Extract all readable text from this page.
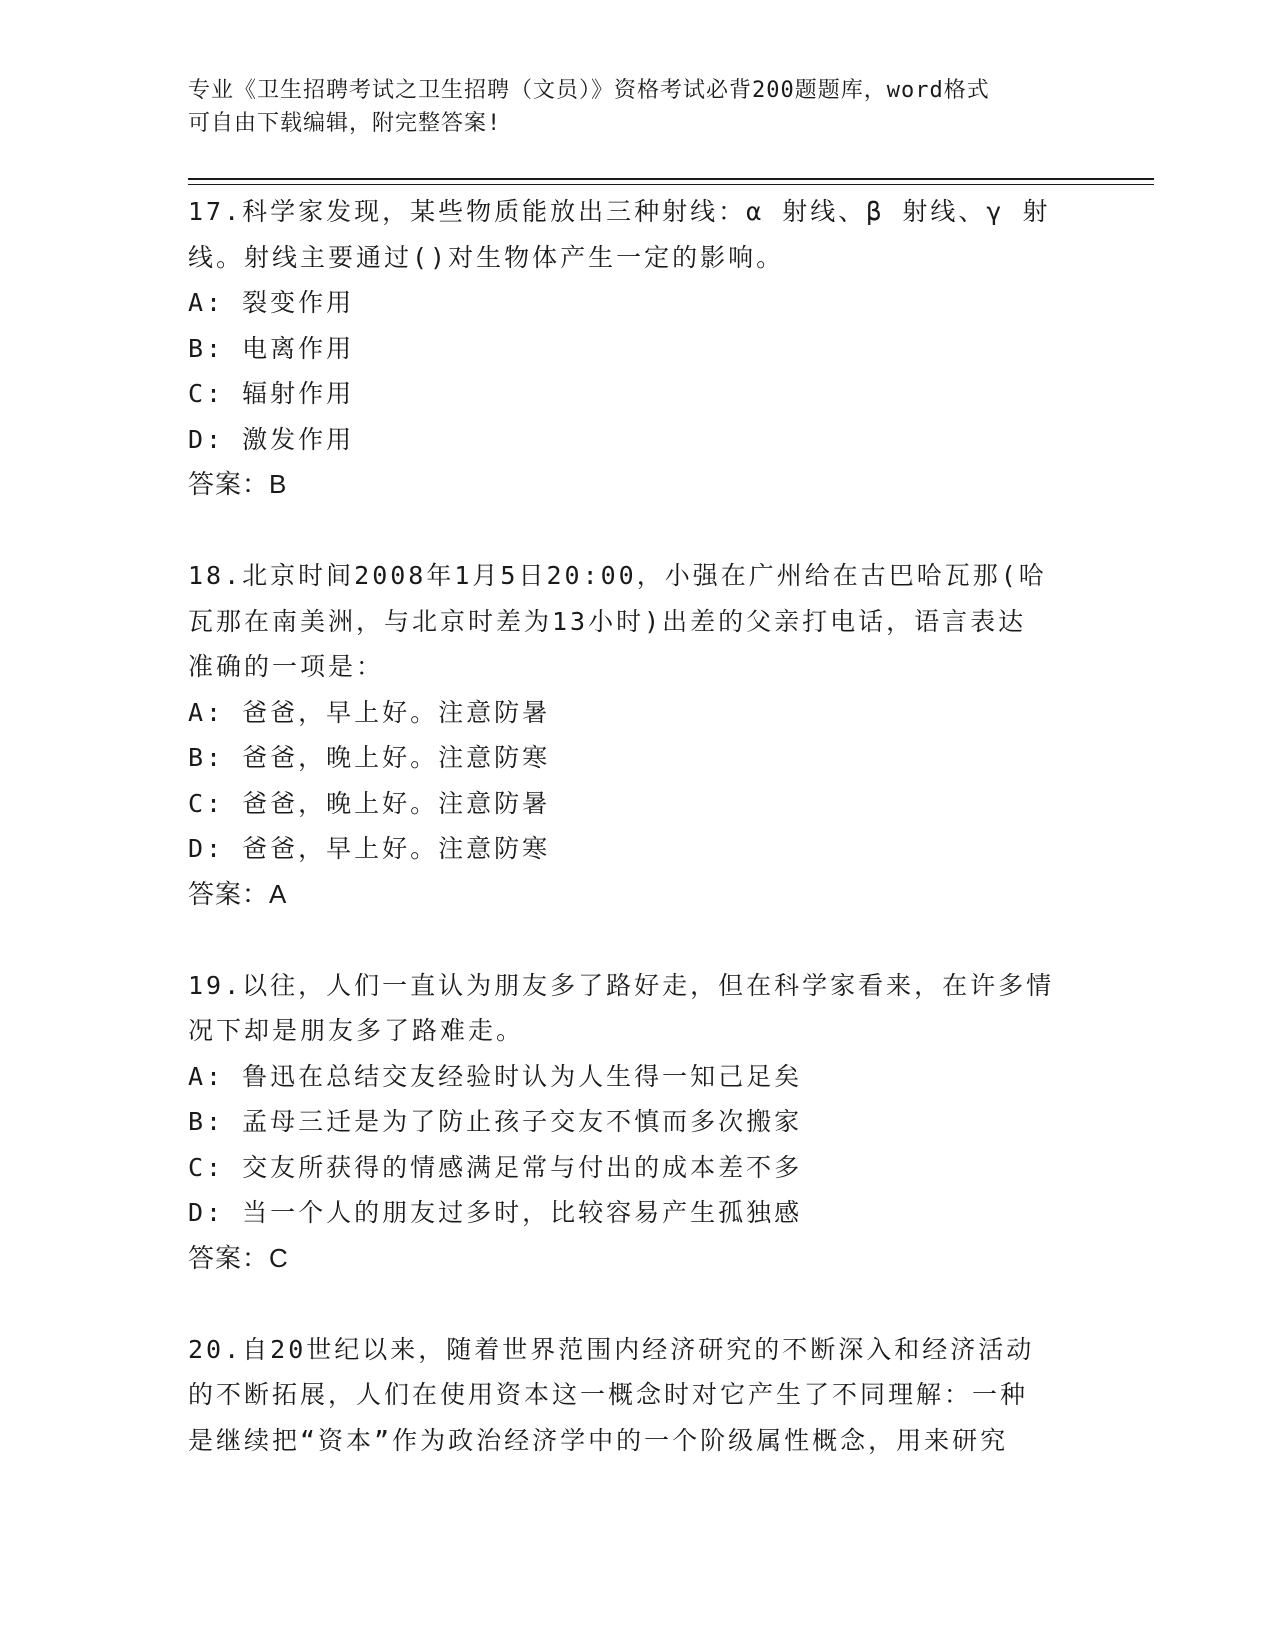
专业《卫生招聘考试之卫生招聘（文员）》资格考试必背200题题库，word格式
可自由下载编辑，附完整答案!
17.科学家发现，某些物质能放出三种射线：α 射线、β 射线、γ 射
线。射线主要通过()对生物体产生一定的影响。
A: 裂变作用
B: 电离作用
C: 辐射作用
D: 激发作用
答案：B
18.北京时间2008年1月5日20:00，小强在广州给在古巴哈瓦那(哈
瓦那在南美洲，与北京时差为13小时)出差的父亲打电话，语言表达
准确的一项是：
A: 爸爸，早上好。注意防暑
B: 爸爸，晚上好。注意防寒
C: 爸爸，晚上好。注意防暑
D: 爸爸，早上好。注意防寒
答案：A
19.以往，人们一直认为朋友多了路好走，但在科学家看来，在许多情
况下却是朋友多了路难走。
A: 鲁迅在总结交友经验时认为人生得一知己足矣
B: 孟母三迁是为了防止孩子交友不慎而多次搬家
C: 交友所获得的情感满足常与付出的成本差不多
D: 当一个人的朋友过多时，比较容易产生孤独感
答案：C
20.自20世纪以来，随着世界范围内经济研究的不断深入和经济活动
的不断拓展，人们在使用资本这一概念时对它产生了不同理解：一种
是继续把“资本”作为政治经济学中的一个阶级属性概念，用来研究
